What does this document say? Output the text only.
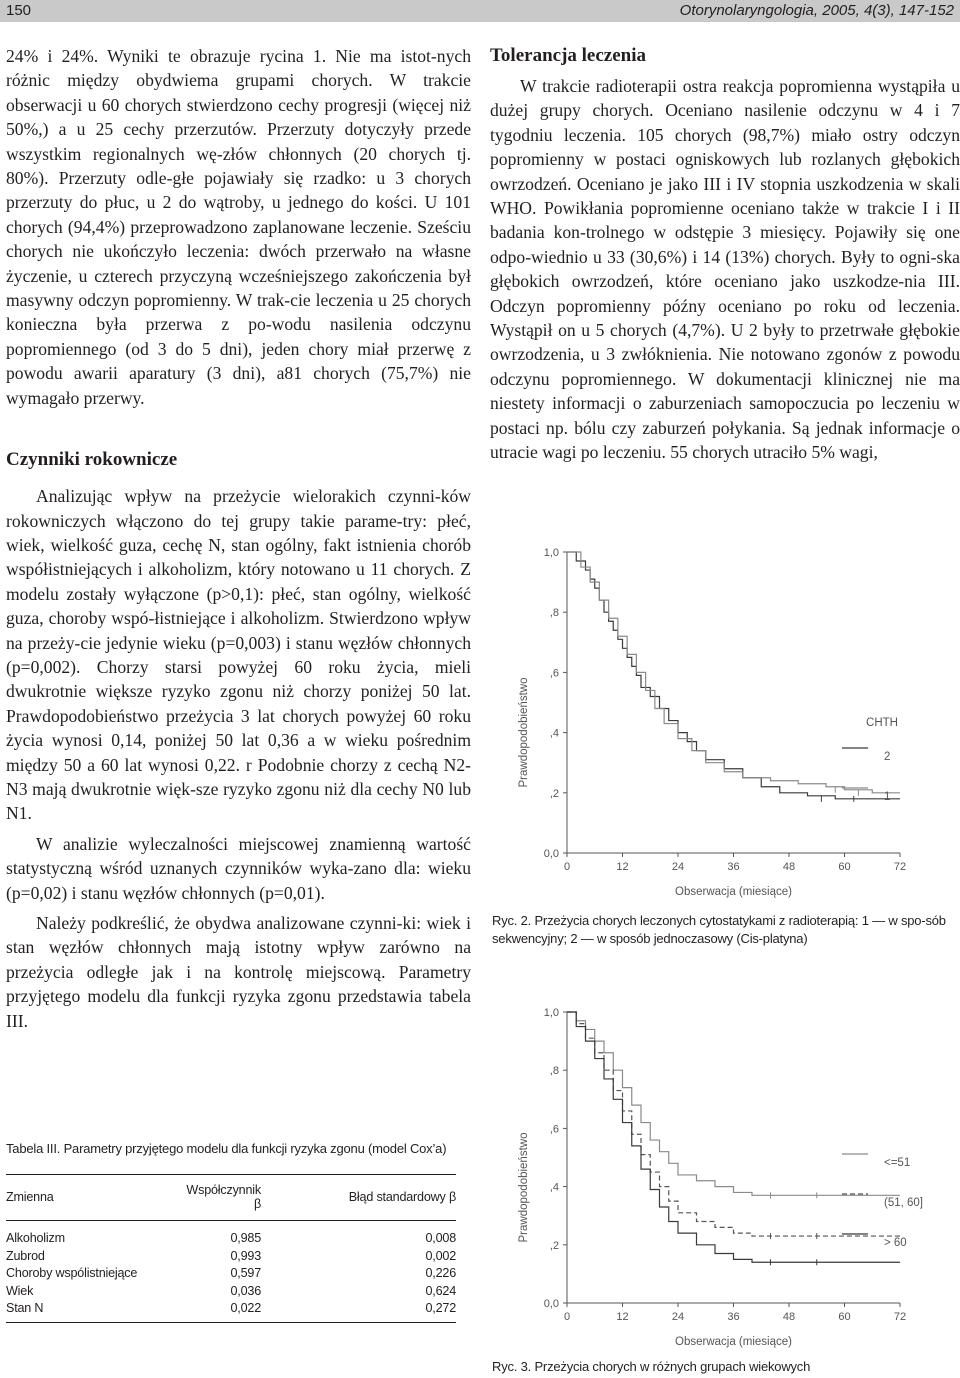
150	Otorynolaryngologia, 2005, 4(3), 147-152

24% i 24%. Wyniki te obrazuje rycina 1. Nie ma istot-nych różnic między obydwiema grupami chorych. W trakcie obserwacji u 60 chorych stwierdzono cechy progresji (więcej niż 50%,) a u 25 cechy przerzutów. Przerzuty dotyczyły przede wszystkim regionalnych wę-złów chłonnych (20 chorych tj. 80%). Przerzuty odle-głe pojawiały się rzadko: u 3 chorych przerzuty do płuc, u 2 do wątroby, u jednego do kości. U 101 chorych (94,4%) przeprowadzono zaplanowane leczenie. Sześciu chorych nie ukończyło leczenia: dwóch przerwało na własne życzenie, u czterech przyczyną wcześniejszego zakończenia był masywny odczyn popromienny. W trak-cie leczenia u 25 chorych konieczna była przerwa z po-wodu nasilenia odczynu popromiennego (od 3 do 5 dni), jeden chory miał przerwę z powodu awarii aparatury (3 dni), a81 chorych (75,7%) nie wymagało przerwy.

Czynniki rokownicze

Analizując wpływ na przeżycie wielorakich czynni-ków rokowniczych włączono do tej grupy takie parame-try: płeć, wiek, wielkość guza, cechę N, stan ogólny, fakt istnienia chorób współistniejących i alkoholizm, który notowano u 11 chorych. Z modelu zostały wyłączone (p>0,1): płeć, stan ogólny, wielkość guza, choroby wspó-łistniejące i alkoholizm. Stwierdzono wpływ na przeży-cie jedynie wieku (p=0,003) i stanu węzłów chłonnych (p=0,002). Chorzy starsi powyżej 60 roku życia, mieli dwukrotnie większe ryzyko zgonu niż chorzy poniżej 50 lat. Prawdopodobieństwo przeżycia 3 lat chorych powyżej 60 roku życia wynosi 0,14, poniżej 50 lat 0,36 a w wieku pośrednim między 50 a 60 lat wynosi 0,22. r Podobnie chorzy z cechą N2-N3 mają dwukrotnie więk-sze ryzyko zgonu niż dla cechy N0 lub N1.

W analizie wyleczalności miejscowej znamienną wartość statystyczną wśród uznanych czynników wyka-zano dla: wieku (p=0,02) i stanu węzłów chłonnych (p=0,01).

Należy podkreślić, że obydwa analizowane czynni-ki: wiek i stan węzłów chłonnych mają istotny wpływ zarówno na przeżycia odległe jak i na kontrolę miejscową. Parametry przyjętego modelu dla funkcji ryzyka zgonu przedstawia tabela III.

Tolerancja leczenia

W trakcie radioterapii ostra reakcja popromienna wystąpiła u dużej grupy chorych. Oceniano nasilenie odczynu w 4 i 7 tygodniu leczenia. 105 chorych (98,7%) miało ostry odczyn popromienny w postaci ogniskowych lub rozlanych głębokich owrzodzeń. Oceniano je jako III i IV stopnia uszkodzenia w skali WHO. Powikłania popromienne oceniano także w trakcie I i II badania kon-trolnego w odstępie 3 miesięcy. Pojawiły się one odpo-wiednio u 33 (30,6%) i 14 (13%) chorych. Były to ogni-ska głębokich owrzodzeń, które oceniano jako uszkodze-nia III. Odczyn popromienny późny oceniano po roku od leczenia. Wystąpił on u 5 chorych (4,7%). U 2 były to przetrwałe głębokie owrzodzenia, u 3 zwłóknienia. Nie notowano zgonów z powodu odczynu popromiennego. W dokumentacji klinicznej nie ma niestety informacji o zaburzeniach samopoczucia po leczeniu w postaci np. bólu czy zaburzeń połykania. Są jednak informacje o utracie wagi po leczeniu. 55 chorych utraciło 5% wagi,

Tabela III. Parametry przyjętego modelu dla funkcji ryzyka zgonu (model Cox’a)

Zmienna	Współczynnik β	Błąd standardowy β
Alkoholizm	0,985	0,008
Zubrod	0,993	0,002
Choroby wspólistniejące	0,597	0,226
Wiek	0,036	0,624
Stan N	0,022	0,272
0,0
,2
,4
,6
,8
1,0
0	12	24	36	48	60	72
Obserwacja (miesiące)
Prawdopodobieństwo	CHTH
2
1
Ryc. 2. Przeżycia chorych leczonych cytostatykami z radioterapią: 1 — w spo-sób sekwencyjny; 2 — w sposób jednoczasowy (Cis-platyna)
0,0
,2
,4
,6
,8
1,0
0	12	24	36	48	60	72
Obserwacja (miesiące)
Prawdopodobieństwo	<=51
(51, 60]
> 60
Ryc. 3. Przeżycia chorych w różnych grupach wiekowych
